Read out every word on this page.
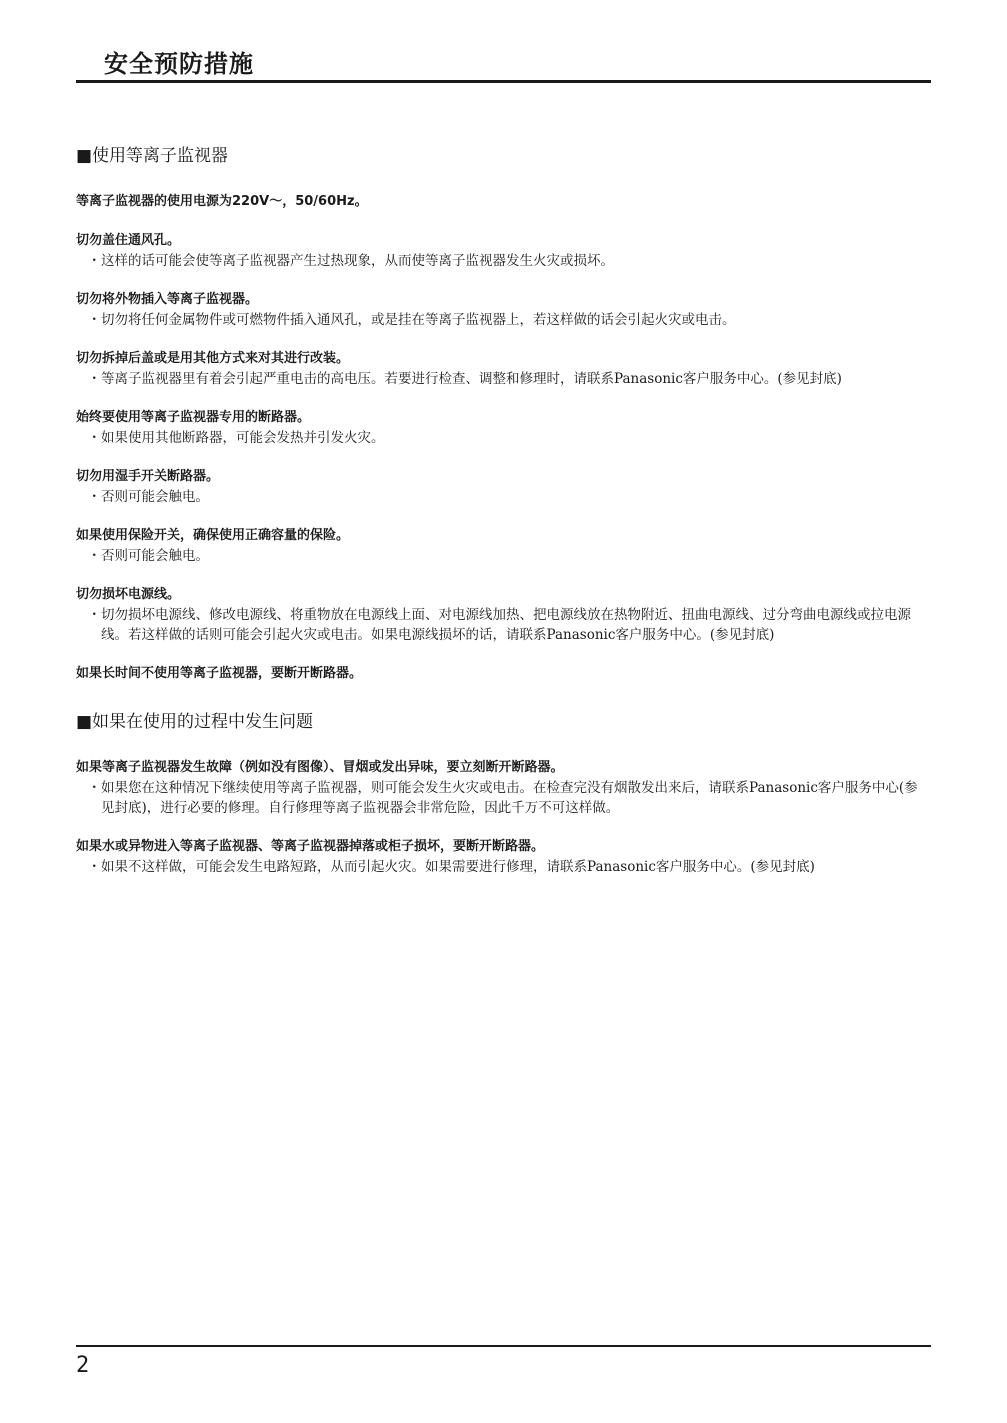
安全预防措施
■使用等离子监视器

等离子监视器的使用电源为220V～，50/60Hz。

切勿盖住通风孔。

・ 这样的话可能会使等离子监视器产生过热现象，从而使等离子监视器发生火灾或损坏。

切勿将外物插入等离子监视器。

・ 切勿将任何金属物件或可燃物件插入通风孔，或是挂在等离子监视器上，若这样做的话会引起火灾或电击。

切勿拆掉后盖或是用其他方式来对其进行改装。

・ 等离子监视器里有着会引起严重电击的高电压。若要进行检查、调整和修理时，请联系Panasonic客户服务中心。(参见封底)

始终要使用等离子监视器专用的断路器。

・ 如果使用其他断路器，可能会发热并引发火灾。

切勿用湿手开关断路器。

・ 否则可能会触电。

如果使用保险开关，确保使用正确容量的保险。

・ 否则可能会触电。

切勿损坏电源线。

・ 切勿损坏电源线、修改电源线、将重物放在电源线上面、对电源线加热、把电源线放在热物附近、扭曲电源线、过分弯曲电源线或拉电源线。若这样做的话则可能会引起火灾或电击。如果电源线损坏的话，请联系Panasonic客户服务中心。(参见封底)

如果长时间不使用等离子监视器，要断开断路器。

■如果在使用的过程中发生问题

如果等离子监视器发生故障（例如没有图像）、冒烟或发出异味，要立刻断开断路器。

・ 如果您在这种情况下继续使用等离子监视器，则可能会发生火灾或电击。在检查完没有烟散发出来后，请联系Panasonic客户服务中心(参见封底)，进行必要的修理。自行修理等离子监视器会非常危险，因此千万不可这样做。

如果水或异物进入等离子监视器、等离子监视器掉落或柜子损坏，要断开断路器。

・ 如果不这样做，可能会发生电路短路，从而引起火灾。如果需要进行修理，请联系Panasonic客户服务中心。(参见封底)

2
